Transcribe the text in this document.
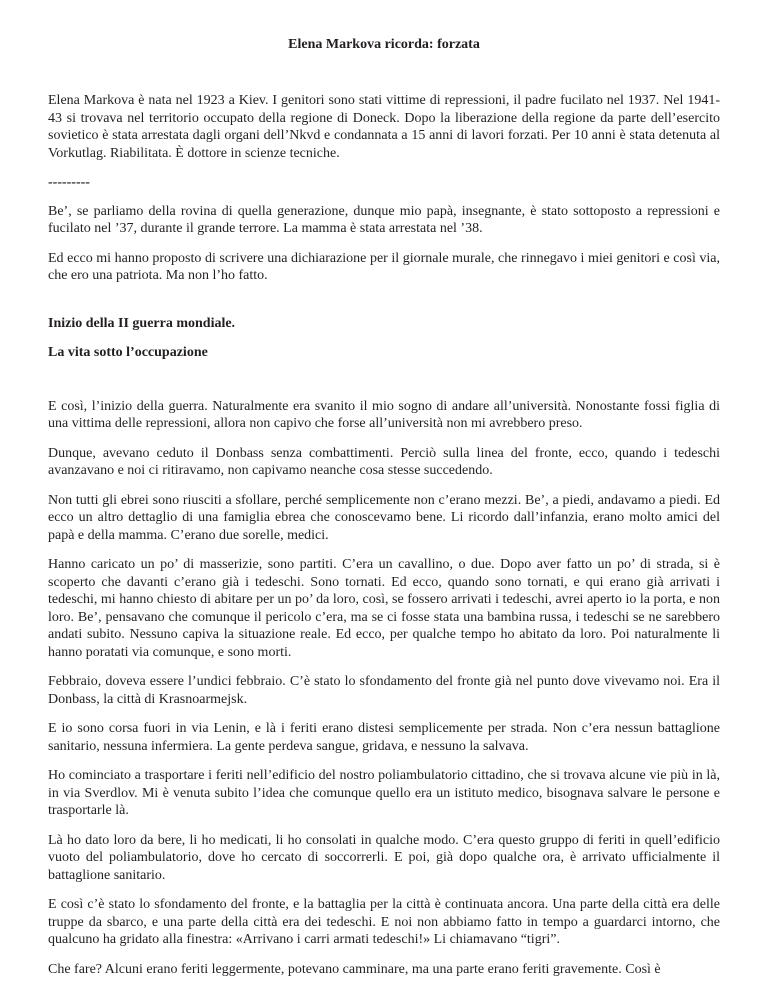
Elena Markova ricorda: forzata

Elena Markova è nata nel 1923 a Kiev. I genitori sono stati vittime di repressioni, il padre fucilato nel 1937. Nel 1941-43 si trovava nel territorio occupato della regione di Doneck. Dopo la liberazione della regione da parte dell’esercito sovietico è stata arrestata dagli organi dell’Nkvd e condannata a 15 anni di lavori forzati. Per 10 anni è stata detenuta al Vorkutlag. Riabilitata. È dottore in scienze tecniche.

---------

Be’, se parliamo della rovina di quella generazione, dunque mio papà, insegnante, è stato sottoposto a repressioni e fucilato nel ’37, durante il grande terrore. La mamma è stata arrestata nel ’38.

Ed ecco mi hanno proposto di scrivere una dichiarazione per il giornale murale, che rinnegavo i miei genitori e così via, che ero una patriota. Ma non l’ho fatto.

Inizio della II guerra mondiale.
La vita sotto l’occupazione

E così, l’inizio della guerra. Naturalmente era svanito il mio sogno di andare all’università. Nonostante fossi figlia di una vittima delle repressioni, allora non capivo che forse all’università non mi avrebbero preso.

Dunque, avevano ceduto il Donbass senza combattimenti. Perciò sulla linea del fronte, ecco, quando i tedeschi avanzavano e noi ci ritiravamo, non capivamo neanche cosa stesse succedendo.

Non tutti gli ebrei sono riusciti a sfollare, perché semplicemente non c’erano mezzi. Be’, a piedi, andavamo a piedi. Ed ecco un altro dettaglio di una famiglia ebrea che conoscevamo bene. Li ricordo dall’infanzia, erano molto amici del papà e della mamma. C’erano due sorelle, medici.

Hanno caricato un po’ di masserizie, sono partiti. C’era un cavallino, o due. Dopo aver fatto un po’ di strada, si è scoperto che davanti c’erano già i tedeschi. Sono tornati. Ed ecco, quando sono tornati, e qui erano già arrivati i tedeschi, mi hanno chiesto di abitare per un po’ da loro, così, se fossero arrivati i tedeschi, avrei aperto io la porta, e non loro. Be’, pensavano che comunque il pericolo c’era, ma se ci fosse stata una bambina russa, i tedeschi se ne sarebbero andati subito. Nessuno capiva la situazione reale. Ed ecco, per qualche tempo ho abitato da loro. Poi naturalmente li hanno poratati via comunque, e sono morti.

Febbraio, doveva essere l’undici febbraio. C’è stato lo sfondamento del fronte già nel punto dove vivevamo noi. Era il Donbass, la città di Krasnoarmejsk.

E io sono corsa fuori in via Lenin, e là i feriti erano distesi semplicemente per strada. Non c’era nessun battaglione sanitario, nessuna infermiera. La gente perdeva sangue, gridava, e nessuno la salvava.

Ho cominciato a trasportare i feriti nell’edificio del nostro poliambulatorio cittadino, che si trovava alcune vie più in là, in via Sverdlov. Mi è venuta subito l’idea che comunque quello era un istituto medico, bisognava salvare le persone e trasportarle là.

Là ho dato loro da bere, li ho medicati, li ho consolati in qualche modo. C’era questo gruppo di feriti in quell’edificio vuoto del poliambulatorio, dove ho cercato di soccorrerli. E poi, già dopo qualche ora, è arrivato ufficialmente il battaglione sanitario.

E così c’è stato lo sfondamento del fronte, e la battaglia per la città è continuata ancora. Una parte della città era delle truppe da sbarco, e una parte della città era dei tedeschi. E noi non abbiamo fatto in tempo a guardarci intorno, che qualcuno ha gridato alla finestra: «Arrivano i carri armati tedeschi!» Li chiamavano “tigri”.

Che fare? Alcuni erano feriti leggermente, potevano camminare, ma una parte erano feriti gravemente. Così è
